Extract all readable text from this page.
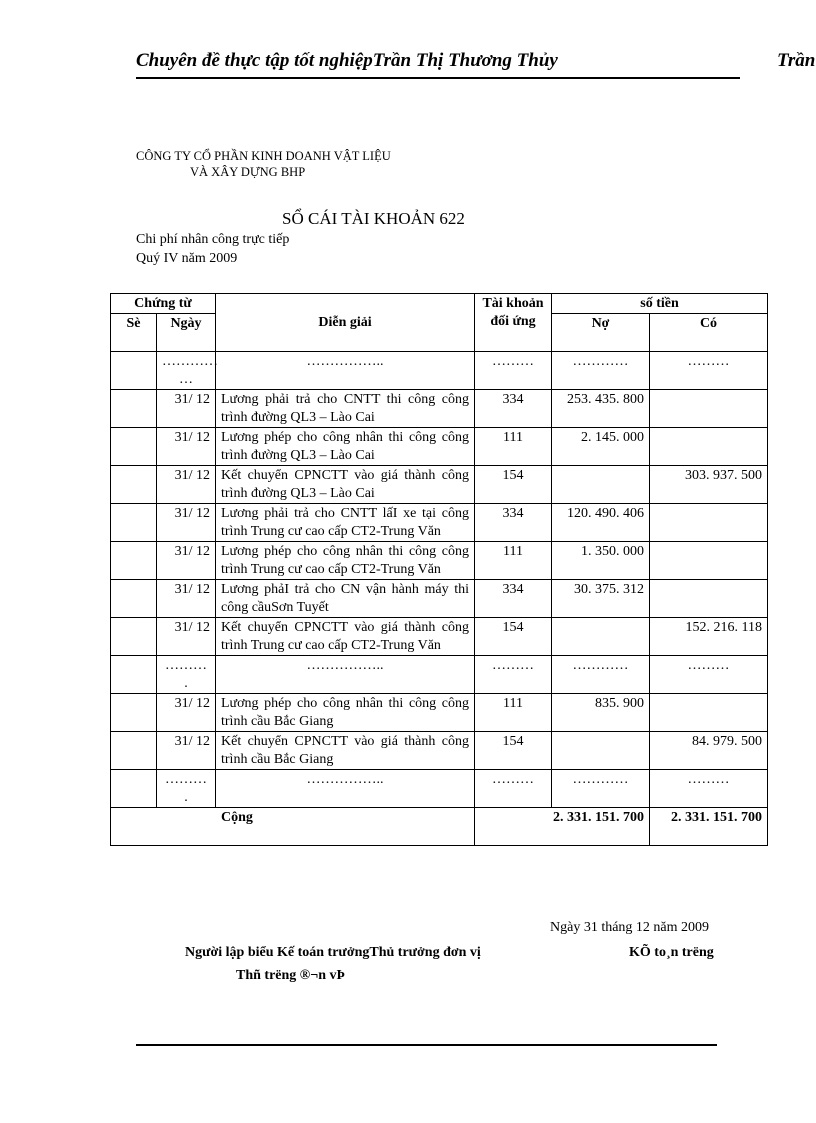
Chuyên đề thực tập tốt nghiệpTrần Thị Thương Thủy	Trần
CÔNG TY CỔ PHẦN KINH DOANH VẬT LIỆU
VÀ XÂY DỰNG BHP
SỔ CÁI TÀI KHOẢN 622
Chi phí nhân công trực tiếp
Quý IV năm 2009
Chứng từ		Diễn giải	Tài khoản đối ứng	số tiền	
Sè	Ngày			Nợ	Có
	………… …	……………..	………	…………	………
	31/ 12	Lương phải trả cho CNTT thi công công trình đường QL3 – Lào Cai	334	253. 435. 800	
	31/ 12	Lương phép cho công nhân thi công công trình đường QL3 – Lào Cai	111	2. 145. 000	
	31/ 12	Kết chuyển CPNCTT vào giá thành công trình đường QL3 – Lào Cai	154		303. 937. 500
	31/ 12	Lương phải trả cho CNTT lấI xe tại công trình Trung cư cao cấp CT2-Trung Văn	334	120. 490. 406	
	31/ 12	Lương phép cho công nhân thi công công trình Trung cư cao cấp CT2-Trung Văn	111	1. 350. 000	
	31/ 12	Lương phảI trả cho CN vận hành máy thi công cầuSơn Tuyết	334	30. 375. 312	
	31/ 12	Kết chuyển CPNCTT vào giá thành công trình Trung cư cao cấp CT2-Trung Văn	154		152. 216. 118
	……… .	……………..	………	…………	………
	31/ 12	Lương phép cho công nhân thi công công trình cầu Bắc Giang	111	835. 900	
	31/ 12	Kết chuyển CPNCTT vào giá thành công trình cầu Bắc Giang	154		84. 979. 500
	……… .	……………..	………	…………	………
Cộng			2. 331. 151. 700		2. 331. 151. 700
Ngày 31 tháng 12 năm 2009
Người lập biểu Kế toán trưởngThủ trưởng đơn vị	KÕ to¸n trëng
Thñ trëng ®¬n vÞ
